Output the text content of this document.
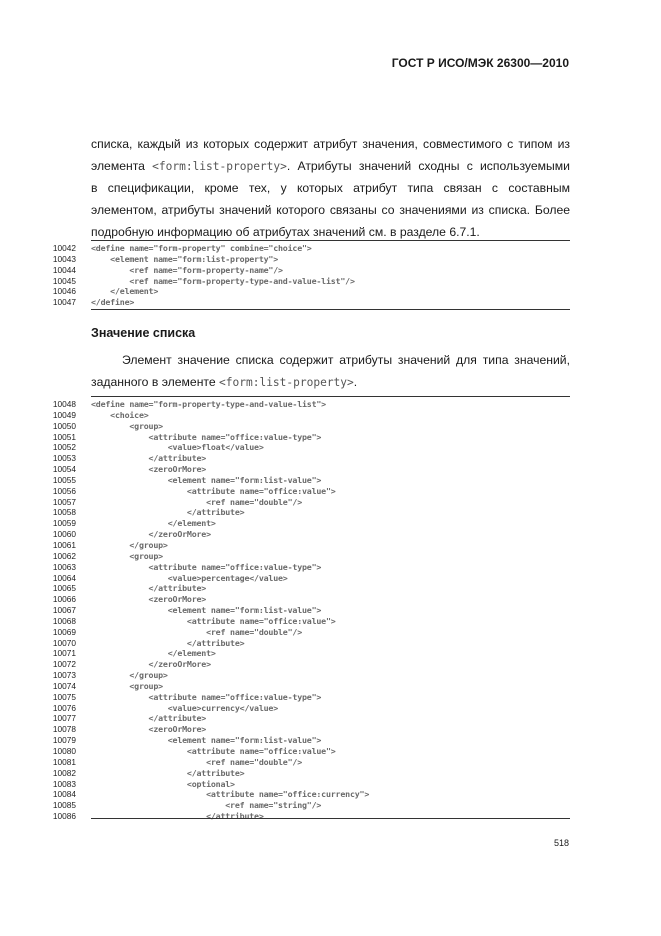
ГОСТ Р ИСО/МЭК 26300—2010
списка, каждый из которых содержит атрибут значения, совместимого с типом из
элемента <form:list-property>. Атрибуты значений сходны с используемыми
в спецификации, кроме тех, у которых атрибут типа связан с составным
элементом, атрибуты значений которого связаны со значениями из списка. Более
подробную информацию об атрибутах значений см. в разделе 6.7.1.
10042 <define name="form-property" combine="choice">
10043 <element name="form:list-property">
10044 <ref name="form-property-name"/>
10045 <ref name="form-property-type-and-value-list"/>
10046 </element>
10047 </define>
Значение списка
Элемент значение списка содержит атрибуты значений для типа значений,
заданного в элементе <form:list-property>.
10048 <define name="form-property-type-and-value-list">
10049 <choice>
10050 <group>
10051 <attribute name="office:value-type">
10052 <value>float</value>
10053 </attribute>
10054 <zeroOrMore>
10055 <element name="form:list-value">
10056 <attribute name="office:value">
10057 <ref name="double"/>
10058 </attribute>
10059 </element>
10060 </zeroOrMore>
10061 </group>
10062 <group>
10063 <attribute name="office:value-type">
10064 <value>percentage</value>
10065 </attribute>
10066 <zeroOrMore>
10067 <element name="form:list-value">
10068 <attribute name="office:value">
10069 <ref name="double"/>
10070 </attribute>
10071 </element>
10072 </zeroOrMore>
10073 </group>
10074 <group>
10075 <attribute name="office:value-type">
10076 <value>currency</value>
10077 </attribute>
10078 <zeroOrMore>
10079 <element name="form:list-value">
10080 <attribute name="office:value">
10081 <ref name="double"/>
10082 </attribute>
10083 <optional>
10084 <attribute name="office:currency">
10085 <ref name="string"/>
10086 </attribute>
518
